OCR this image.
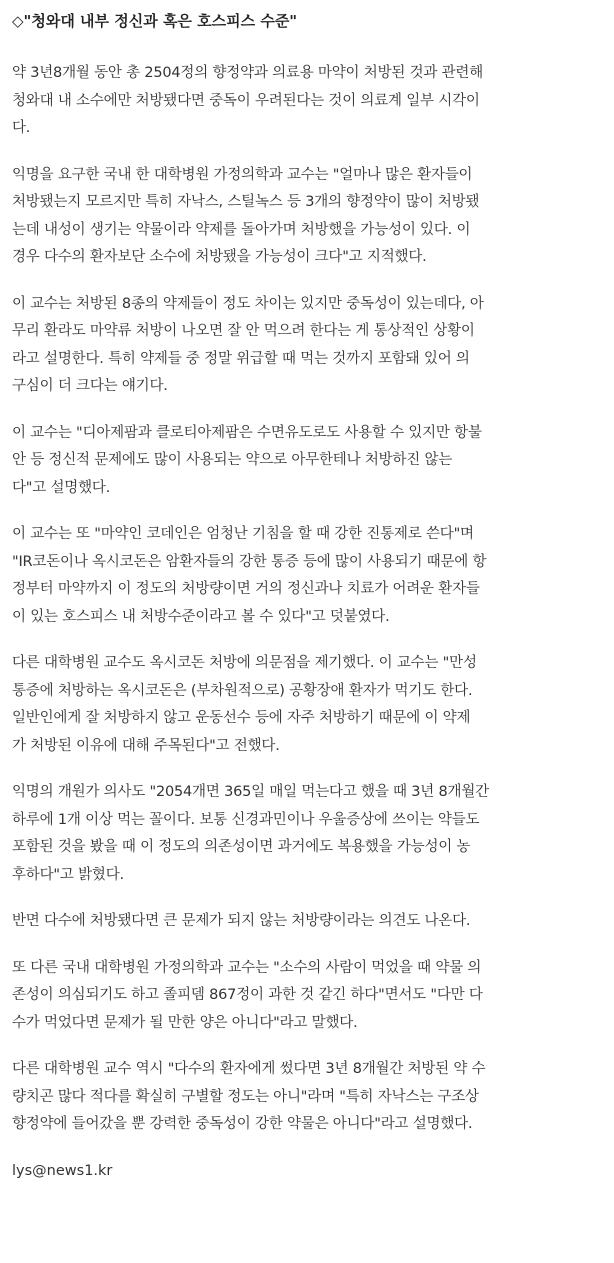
◇"청와대 내부 정신과 혹은 호스피스 수준"

약 3년8개월 동안 총 2504정의 향정약과 의료용 마약이 처방된 것과 관련해
청와대 내 소수에만 처방됐다면 중독이 우려된다는 것이 의료계 일부 시각이
다.

익명을 요구한 국내 한 대학병원 가정의학과 교수는 "얼마나 많은 환자들이
처방됐는지 모르지만 특히 자낙스, 스틸녹스 등 3개의 향정약이 많이 처방됐
는데 내성이 생기는 약물이라 약제를 돌아가며 처방했을 가능성이 있다. 이
경우 다수의 환자보단 소수에 처방됐을 가능성이 크다"고 지적했다.

이 교수는 처방된 8종의 약제들이 정도 차이는 있지만 중독성이 있는데다, 아
무리 환라도 마약류 처방이 나오면 잘 안 먹으려 한다는 게 통상적인 상황이
라고 설명한다. 특히 약제들 중 정말 위급할 때 먹는 것까지 포함돼 있어 의
구심이 더 크다는 얘기다.

이 교수는 "디아제팜과 클로티아제팜은 수면유도로도 사용할 수 있지만 항불
안 등 정신적 문제에도 많이 사용되는 약으로 아무한테나 처방하진 않는
다"고 설명했다.

이 교수는 또 "마약인 코데인은 엄청난 기침을 할 때 강한 진통제로 쓴다"며
"IR코돈이나 옥시코돈은 암환자들의 강한 통증 등에 많이 사용되기 때문에 항
정부터 마약까지 이 정도의 처방량이면 거의 정신과나 치료가 어려운 환자들
이 있는 호스피스 내 처방수준이라고 볼 수 있다"고 덧붙였다.

다른 대학병원 교수도 옥시코돈 처방에 의문점을 제기했다. 이 교수는 "만성
통증에 처방하는 옥시코돈은 (부차원적으로) 공황장애 환자가 먹기도 한다.
일반인에게 잘 처방하지 않고 운동선수 등에 자주 처방하기 때문에 이 약제
가 처방된 이유에 대해 주목된다"고 전했다.

익명의 개원가 의사도 "2054개면 365일 매일 먹는다고 했을 때 3년 8개월간
하루에 1개 이상 먹는 꼴이다. 보통 신경과민이나 우울증상에 쓰이는 약들도
포함된 것을 봤을 때 이 정도의 의존성이면 과거에도 복용했을 가능성이 농
후하다"고 밝혔다.

반면 다수에 처방됐다면 큰 문제가 되지 않는 처방량이라는 의견도 나온다.

또 다른 국내 대학병원 가정의학과 교수는 "소수의 사람이 먹었을 때 약물 의
존성이 의심되기도 하고 졸피뎀 867정이 과한 것 같긴 하다"면서도 "다만 다
수가 먹었다면 문제가 될 만한 양은 아니다"라고 말했다.

다른 대학병원 교수 역시 "다수의 환자에게 썼다면 3년 8개월간 처방된 약 수
량치곤 많다 적다를 확실히 구별할 정도는 아니"라며 "특히 자낙스는 구조상
향정약에 들어갔을 뿐 강력한 중독성이 강한 약물은 아니다"라고 설명했다.

lys@news1.kr
